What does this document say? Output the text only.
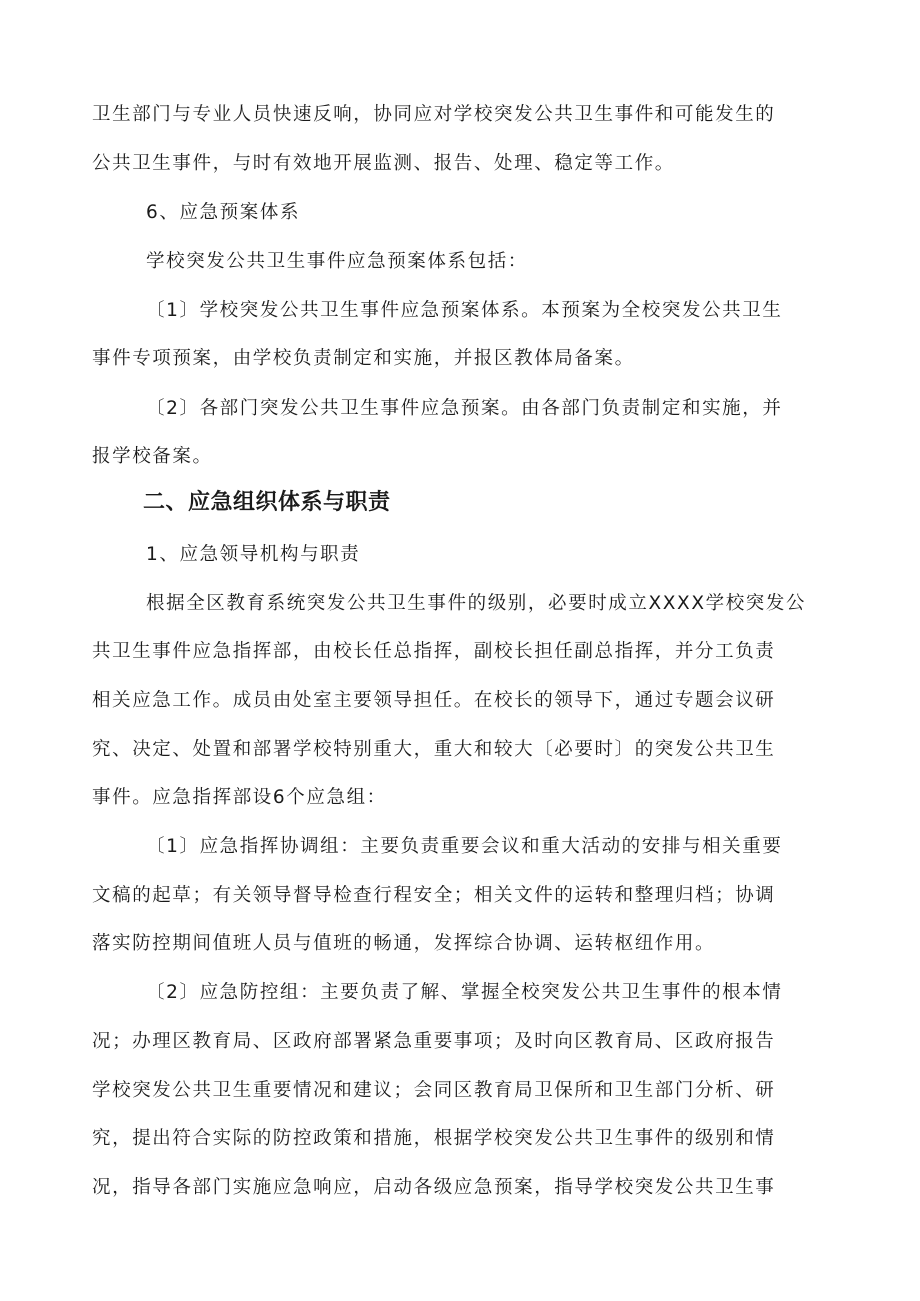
卫生部门与专业人员快速反响，协同应对学校突发公共卫生事件和可能发生的
公共卫生事件，与时有效地开展监测、报告、处理、稳定等工作。
6、应急预案体系
学校突发公共卫生事件应急预案体系包括：
〔1〕学校突发公共卫生事件应急预案体系。本预案为全校突发公共卫生
事件专项预案，由学校负责制定和实施，并报区教体局备案。
〔2〕各部门突发公共卫生事件应急预案。由各部门负责制定和实施，并
报学校备案。
二、应急组织体系与职责
1、应急领导机构与职责
根据全区教育系统突发公共卫生事件的级别，必要时成立XXXX学校突发公
共卫生事件应急指挥部，由校长任总指挥，副校长担任副总指挥，并分工负责
相关应急工作。成员由处室主要领导担任。在校长的领导下，通过专题会议研
究、决定、处置和部署学校特别重大，重大和较大〔必要时〕的突发公共卫生
事件。应急指挥部设6个应急组：
〔1〕应急指挥协调组：主要负责重要会议和重大活动的安排与相关重要
文稿的起草；有关领导督导检查行程安全；相关文件的运转和整理归档；协调
落实防控期间值班人员与值班的畅通，发挥综合协调、运转枢纽作用。
〔2〕应急防控组：主要负责了解、掌握全校突发公共卫生事件的根本情
况；办理区教育局、区政府部署紧急重要事项；及时向区教育局、区政府报告
学校突发公共卫生重要情况和建议；会同区教育局卫保所和卫生部门分析、研
究，提出符合实际的防控政策和措施，根据学校突发公共卫生事件的级别和情
况，指导各部门实施应急响应，启动各级应急预案，指导学校突发公共卫生事
